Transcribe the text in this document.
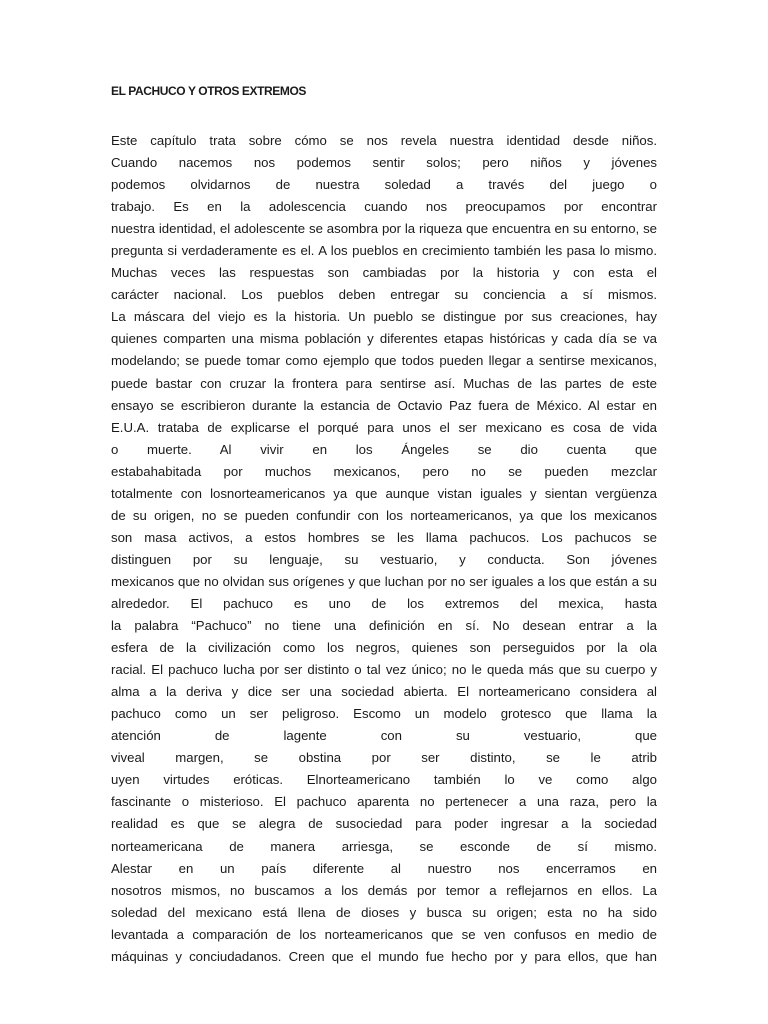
EL PACHUCO Y OTROS EXTREMOS
Este capítulo trata sobre cómo se nos revela nuestra identidad desde niños.
Cuando nacemos nos podemos sentir solos; pero niños y jóvenes
podemos olvidarnos de nuestra soledad a través del juego o
trabajo. Es en la adolescencia cuando nos preocupamos por encontrar
nuestra identidad, el adolescente se asombra por la riqueza que encuentra en su entorno, se
pregunta si verdaderamente es el. A los pueblos en crecimiento también les pasa lo mismo.
Muchas veces las respuestas son cambiadas por la historia y con esta el
carácter nacional. Los pueblos deben entregar su conciencia a sí mismos.
La máscara del viejo es la historia. Un pueblo se distingue por sus creaciones, hay
quienes comparten una misma población y diferentes etapas históricas y cada día se va
modelando; se puede tomar como ejemplo que todos pueden llegar a sentirse mexicanos,
puede bastar con cruzar la frontera para sentirse así. Muchas de las partes de este
ensayo se escribieron durante la estancia de Octavio Paz fuera de México. Al estar en
E.U.A. trataba de explicarse el porqué para unos el ser mexicano es cosa de vida
o muerte. Al vivir en los Ángeles se dio cuenta que
estabahabitada por muchos mexicanos, pero no se pueden mezclar
totalmente con losnorteamericanos ya que aunque vistan iguales y sientan vergüenza
de su origen, no se pueden confundir con los norteamericanos, ya que los mexicanos
son masa activos, a estos hombres se les llama pachucos. Los pachucos se
distinguen por su lenguaje, su vestuario, y conducta. Son jóvenes
mexicanos que no olvidan sus orígenes y que luchan por no ser iguales a los que están a su
alrededor. El pachuco es uno de los extremos del mexica, hasta
la palabra “Pachuco” no tiene una definición en sí. No desean entrar a la
esfera de la civilización como los negros, quienes son perseguidos por la ola
racial. El pachuco lucha por ser distinto o tal vez único; no le queda más que su cuerpo y
alma a la deriva y dice ser una sociedad abierta. El norteamericano considera al
pachuco como un ser peligroso. Escomo un modelo grotesco que llama la
atención de lagente con su vestuario, que
viveal margen, se obstina por ser distinto, se le atrib
uyen virtudes eróticas. Elnorteamericano también lo ve como algo
fascinante o misterioso. El pachuco aparenta no pertenecer a una raza, pero la
realidad es que se alegra de susociedad para poder ingresar a la sociedad
norteamericana de manera arriesga, se esconde de sí mismo.
Alestar en un país diferente al nuestro nos encerramos en
nosotros mismos, no buscamos a los demás por temor a reflejarnos en ellos. La
soledad del mexicano está llena de dioses y busca su origen; esta no ha sido
levantada a comparación de los norteamericanos que se ven confusos en medio de
máquinas y conciudadanos. Creen que el mundo fue hecho por y para ellos, que han
